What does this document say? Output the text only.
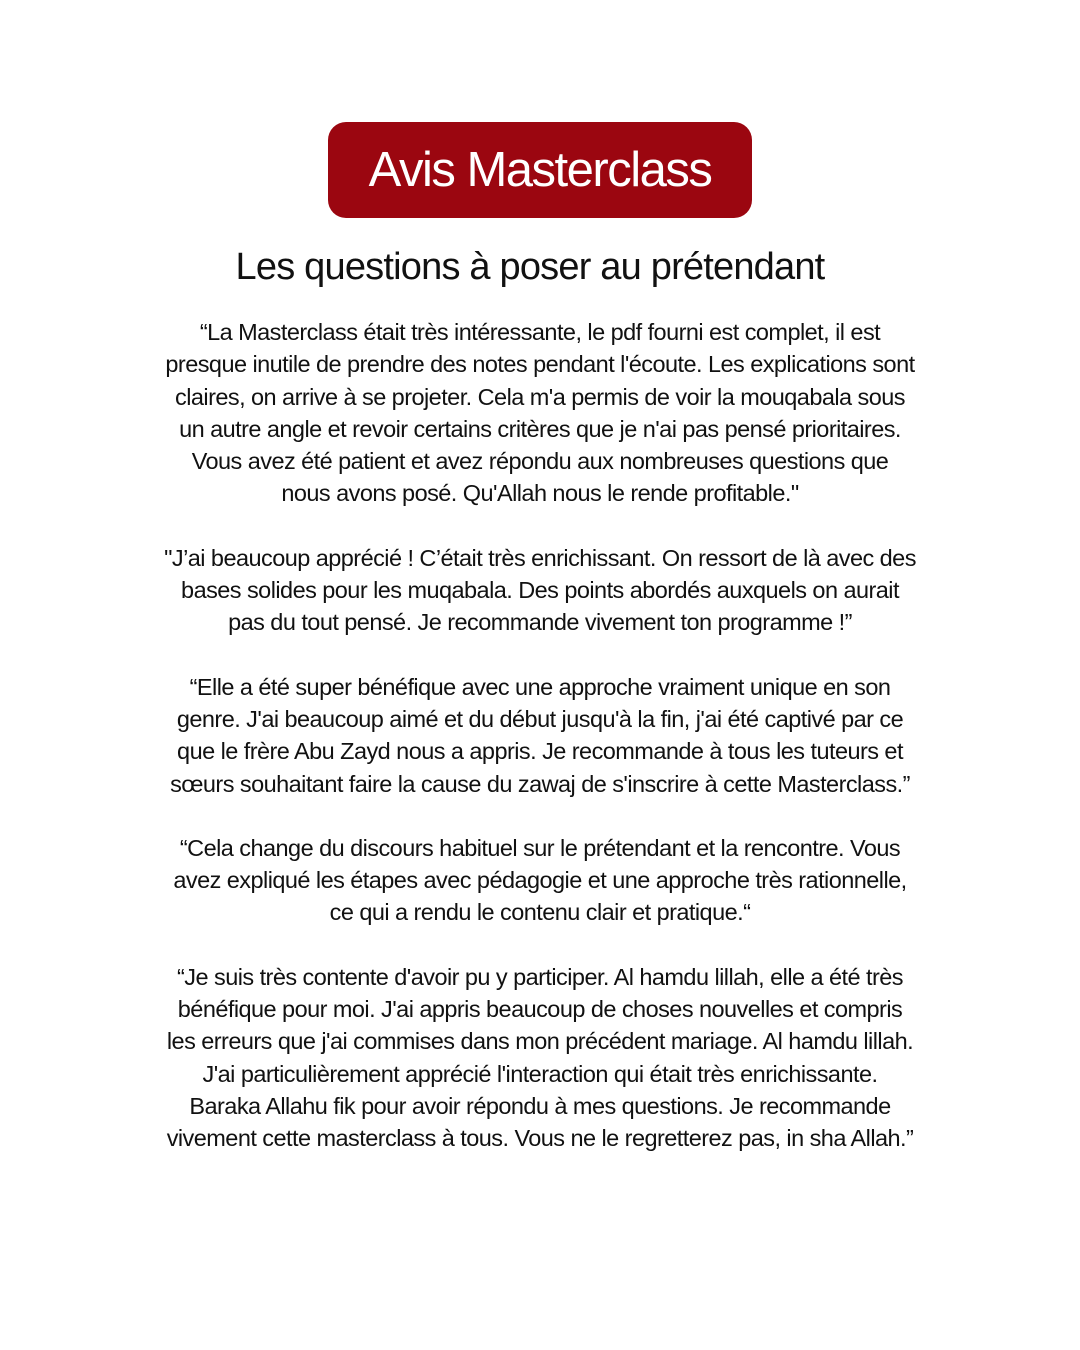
Avis Masterclass
Les questions à poser au prétendant
“La Masterclass était très intéressante, le pdf fourni est complet, il est
presque inutile de prendre des notes pendant l'écoute. Les explications sont
claires, on arrive à se projeter. Cela m'a permis de voir la mouqabala sous
un autre angle et revoir certains critères que je n'ai pas pensé prioritaires.
Vous avez été patient et avez répondu aux nombreuses questions que
nous avons posé. Qu'Allah nous le rende profitable."
"J’ai beaucoup apprécié ! C’était très enrichissant. On ressort de là avec des
bases solides pour les muqabala. Des points abordés auxquels on aurait
pas du tout pensé. Je recommande vivement ton programme !”
“Elle a été super bénéfique avec une approche vraiment unique en son
genre. J'ai beaucoup aimé et du début jusqu'à la fin, j'ai été captivé par ce
que le frère Abu Zayd nous a appris. Je recommande à tous les tuteurs et
sœurs souhaitant faire la cause du zawaj de s'inscrire à cette Masterclass.”
“Cela change du discours habituel sur le prétendant et la rencontre. Vous
avez expliqué les étapes avec pédagogie et une approche très rationnelle,
ce qui a rendu le contenu clair et pratique.“
“Je suis très contente d'avoir pu y participer. Al hamdu lillah, elle a été très
bénéfique pour moi. J'ai appris beaucoup de choses nouvelles et compris
les erreurs que j'ai commises dans mon précédent mariage. Al hamdu lillah.
J'ai particulièrement apprécié l'interaction qui était très enrichissante.
Baraka Allahu fik pour avoir répondu à mes questions. Je recommande
vivement cette masterclass à tous. Vous ne le regretterez pas, in sha Allah.”
